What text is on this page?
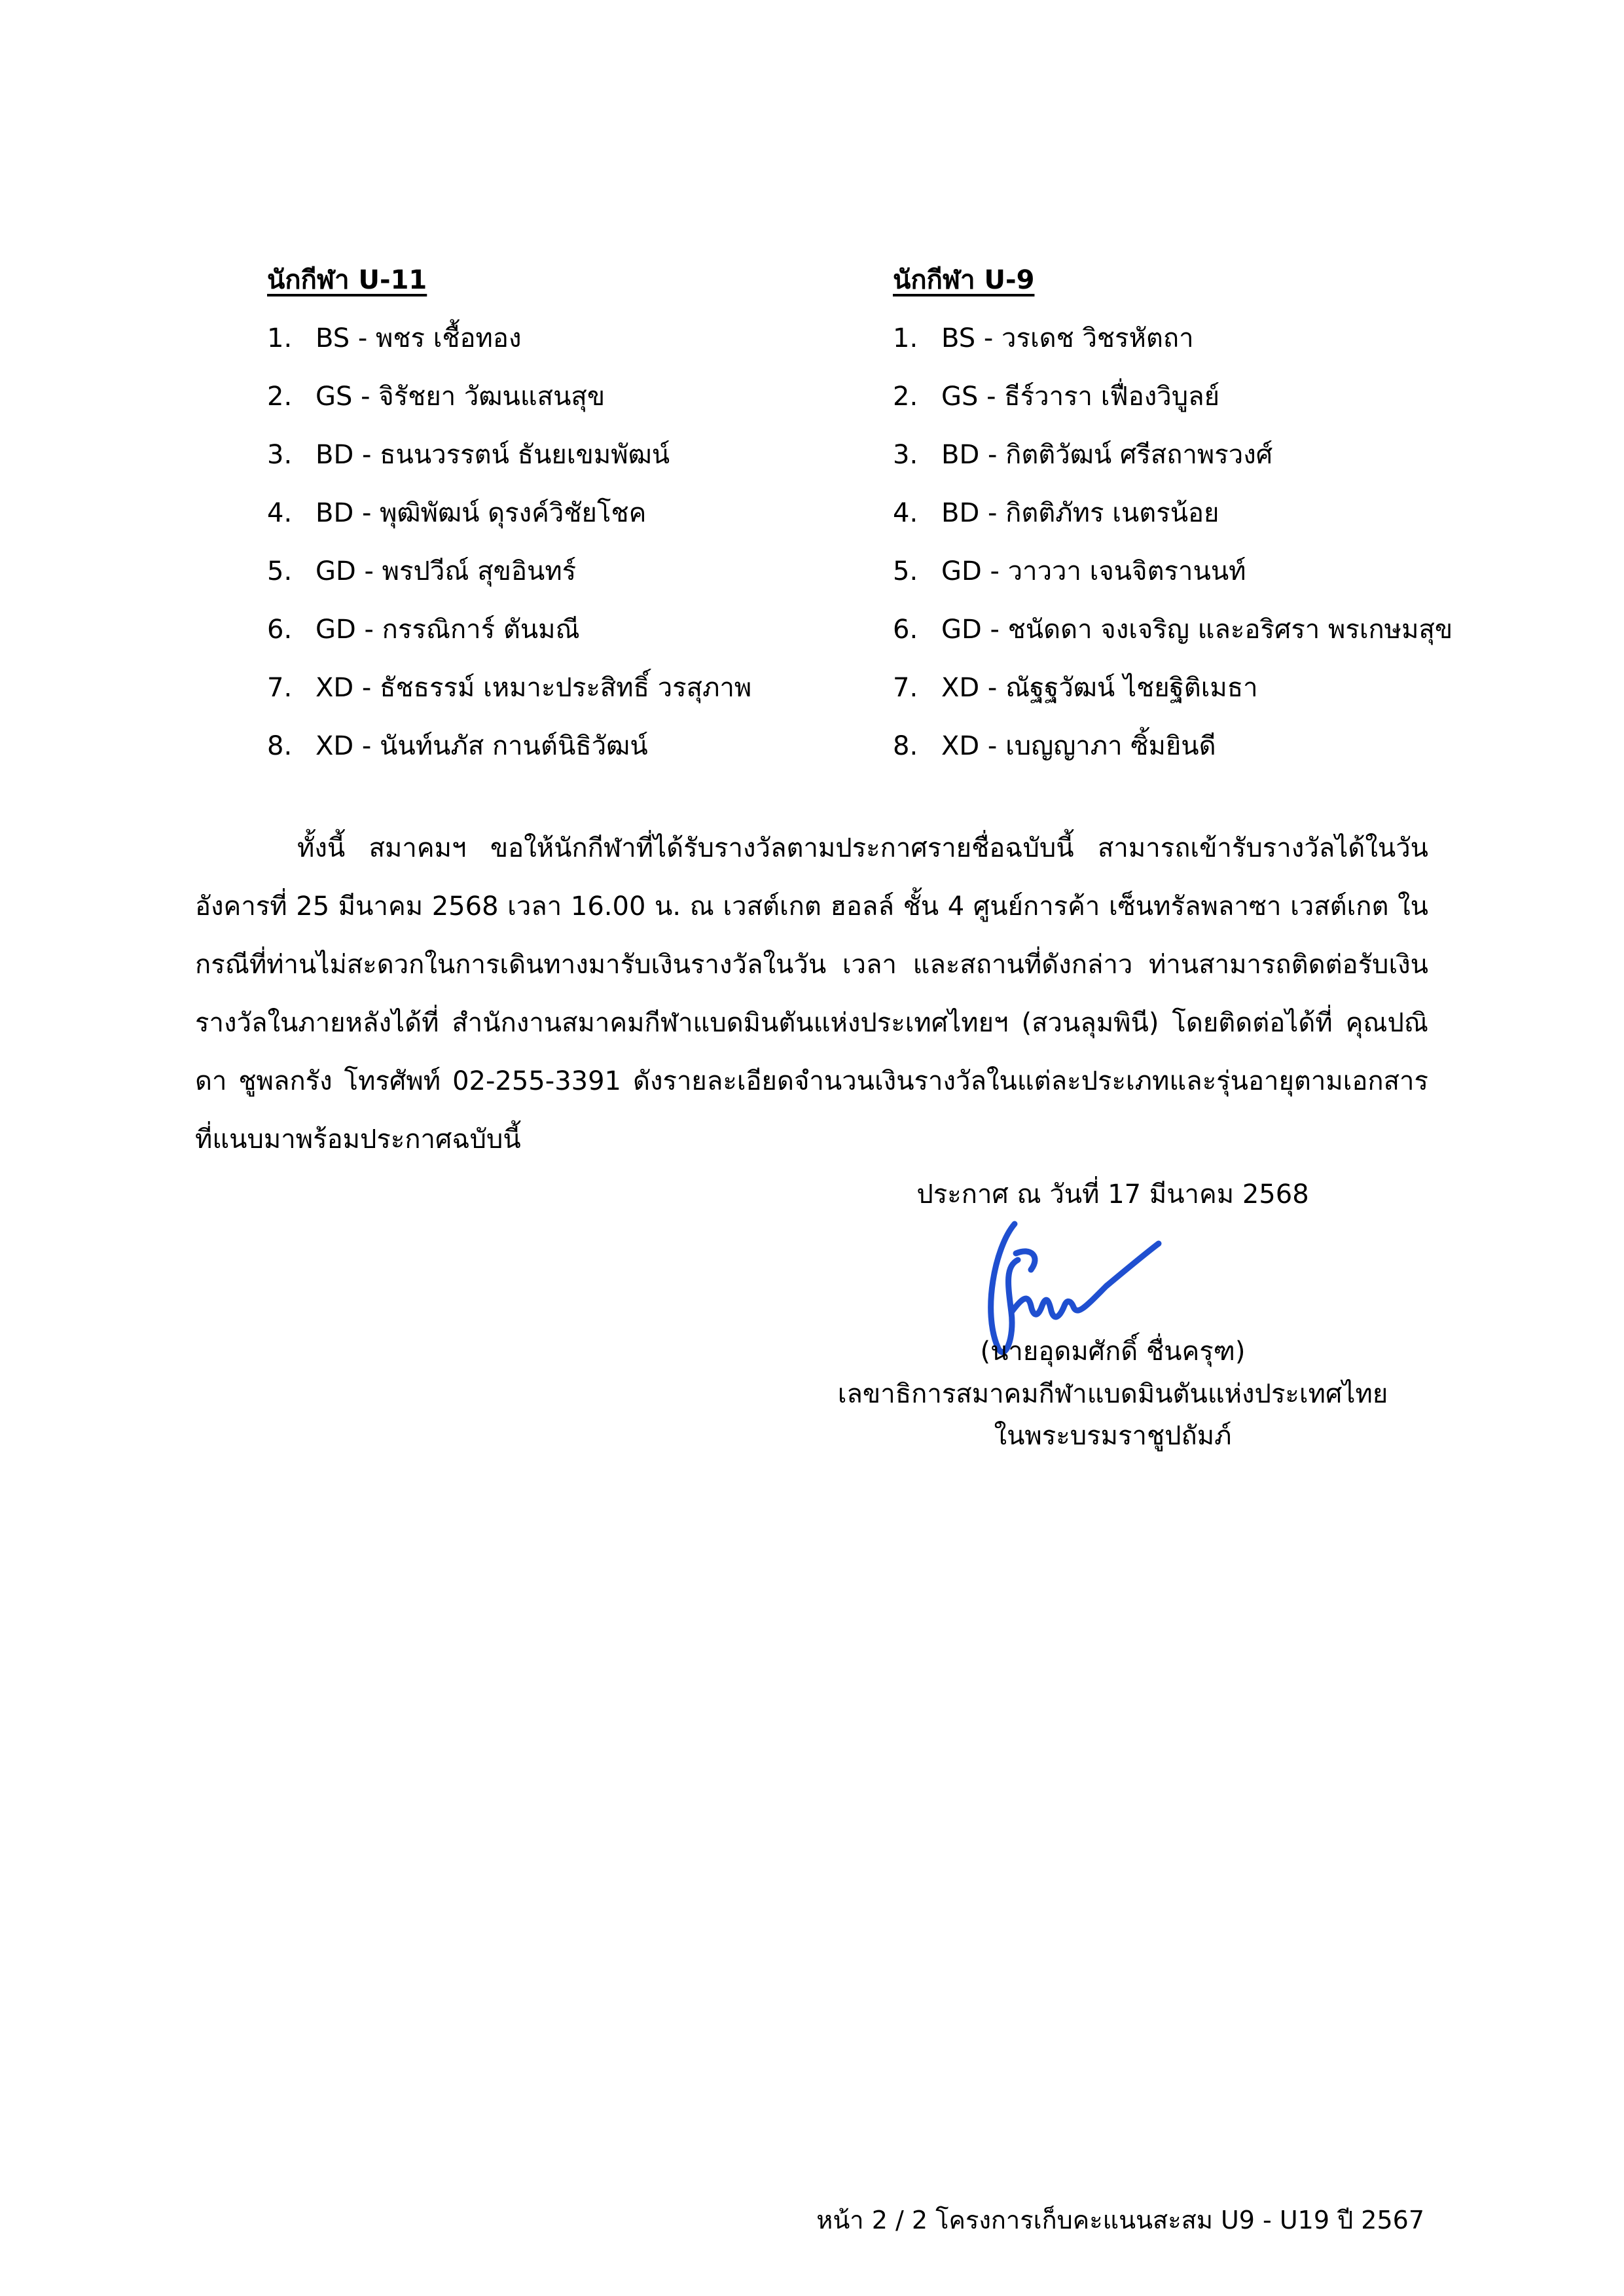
นักกีฬา U-11
1. BS - พชร เชื้อทอง
2. GS - จิรัชยา วัฒนแสนสุข
3. BD - ธนนวรรตน์ ธันยเขมพัฒน์
4. BD - พุฒิพัฒน์ ดุรงค์วิชัยโชค
5. GD - พรปวีณ์ สุขอินทร์
6. GD - กรรณิการ์ ตันมณี
7. XD - ธัชธรรม์ เหมาะประสิทธิ์ วรสุภาพ
8. XD - นันท์นภัส กานต์นิธิวัฒน์
นักกีฬา U-9
1. BS - วรเดช วิชรหัตถา
2. GS - ธีร์วารา เฟื่องวิบูลย์
3. BD - กิตติวัฒน์ ศรีสถาพรวงศ์
4. BD - กิตติภัทร เนตรน้อย
5. GD - วาววา เจนจิตรานนท์
6. GD - ชนัดดา จงเจริญ และอริศรา พรเกษมสุข
7. XD - ณัฐฐวัฒน์ ไชยฐิติเมธา
8. XD - เบญญาภา ซิ้มยินดี

ทั้งนี้ สมาคมฯ ขอให้นักกีฬาที่ได้รับรางวัลตามประกาศรายชื่อฉบับนี้ สามารถเข้ารับรางวัลได้ในวันอังคารที่ 25 มีนาคม 2568 เวลา 16.00 น. ณ เวสต์เกต ฮอลล์ ชั้น 4 ศูนย์การค้า เซ็นทรัลพลาซา เวสต์เกต ในกรณีที่ท่านไม่สะดวกในการเดินทางมารับเงินรางวัลในวัน เวลา และสถานที่ดังกล่าว ท่านสามารถติดต่อรับเงินรางวัลในภายหลังได้ที่ สำนักงานสมาคมกีฬาแบดมินตันแห่งประเทศไทยฯ (สวนลุมพินี) โดยติดต่อได้ที่ คุณปณิดา ชูพลกรัง โทรศัพท์ 02-255-3391 ดังรายละเอียดจำนวนเงินรางวัลในแต่ละประเภทและรุ่นอายุตามเอกสารที่แนบมาพร้อมประกาศฉบับนี้

ประกาศ ณ วันที่ 17 มีนาคม 2568
(นายอุดมศักดิ์ ชื่นครุฑ)
เลขาธิการสมาคมกีฬาแบดมินตันแห่งประเทศไทย
ในพระบรมราชูปถัมภ์
หน้า 2 / 2 โครงการเก็บคะแนนสะสม U9 - U19 ปี 2567
